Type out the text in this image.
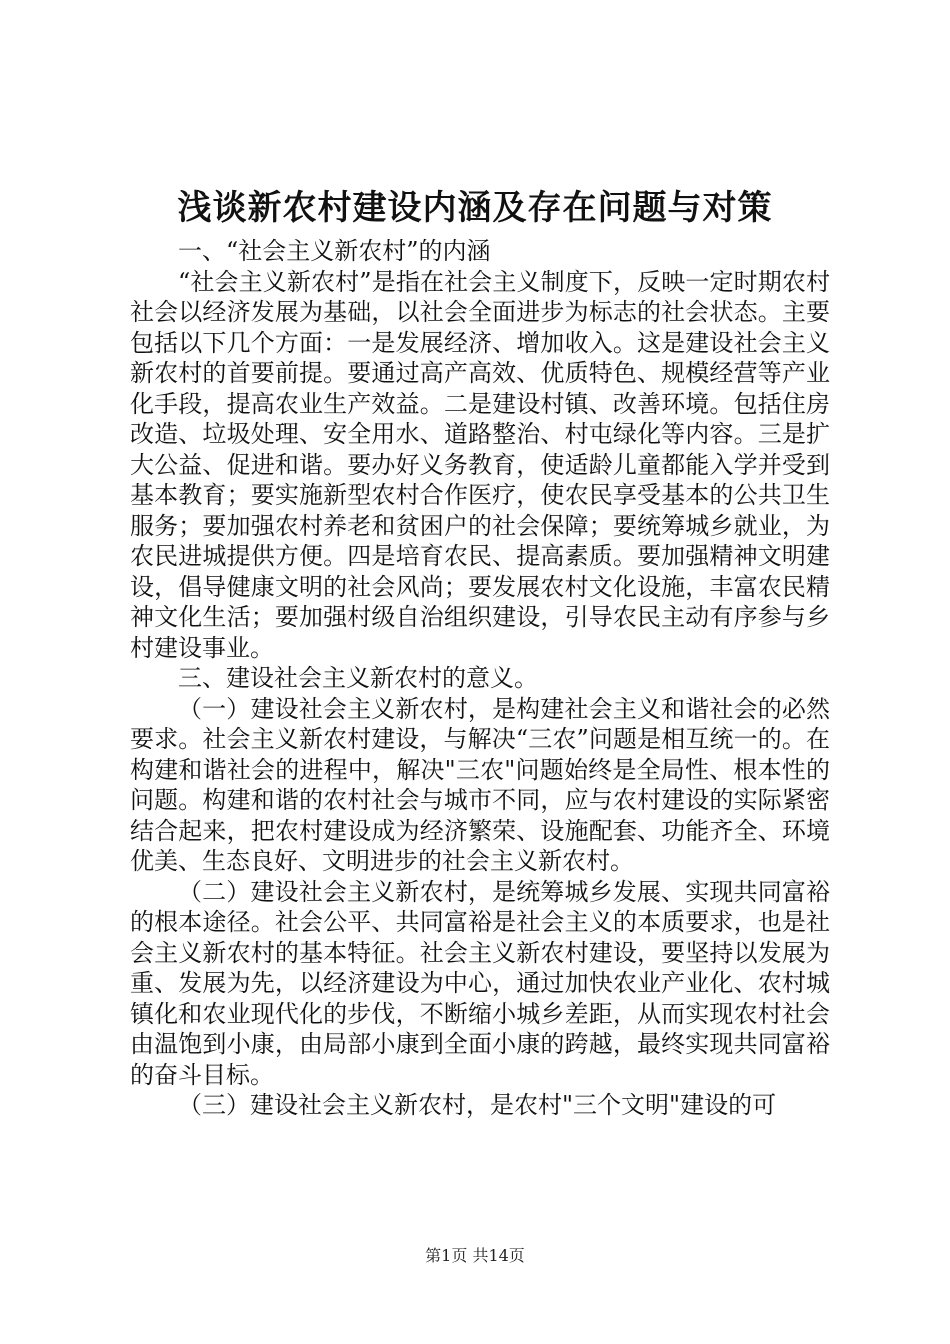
浅谈新农村建设内涵及存在问题与对策

一、“社会主义新农村”的内涵

“社会主义新农村”是指在社会主义制度下，反映一定时期农村社会以经济发展为基础，以社会全面进步为标志的社会状态。主要包括以下几个方面：一是发展经济、增加收入。这是建设社会主义新农村的首要前提。要通过高产高效、优质特色、规模经营等产业化手段，提高农业生产效益。二是建设村镇、改善环境。包括住房改造、垃圾处理、安全用水、道路整治、村屯绿化等内容。三是扩大公益、促进和谐。要办好义务教育，使适龄儿童都能入学并受到基本教育；要实施新型农村合作医疗，使农民享受基本的公共卫生服务；要加强农村养老和贫困户的社会保障；要统筹城乡就业，为农民进城提供方便。四是培育农民、提高素质。要加强精神文明建设，倡导健康文明的社会风尚；要发展农村文化设施，丰富农民精神文化生活；要加强村级自治组织建设，引导农民主动有序参与乡村建设事业。

三、建设社会主义新农村的意义。

（一）建设社会主义新农村，是构建社会主义和谐社会的必然要求。社会主义新农村建设，与解决“三农”问题是相互统一的。在构建和谐社会的进程中，解决"三农"问题始终是全局性、根本性的问题。构建和谐的农村社会与城市不同，应与农村建设的实际紧密结合起来，把农村建设成为经济繁荣、设施配套、功能齐全、环境优美、生态良好、文明进步的社会主义新农村。

（二）建设社会主义新农村，是统筹城乡发展、实现共同富裕的根本途径。社会公平、共同富裕是社会主义的本质要求，也是社会主义新农村的基本特征。社会主义新农村建设，要坚持以发展为重、发展为先，以经济建设为中心，通过加快农业产业化、农村城镇化和农业现代化的步伐，不断缩小城乡差距，从而实现农村社会由温饱到小康，由局部小康到全面小康的跨越，最终实现共同富裕的奋斗目标。

（三）建设社会主义新农村，是农村"三个文明"建设的可

第1页 共14页
